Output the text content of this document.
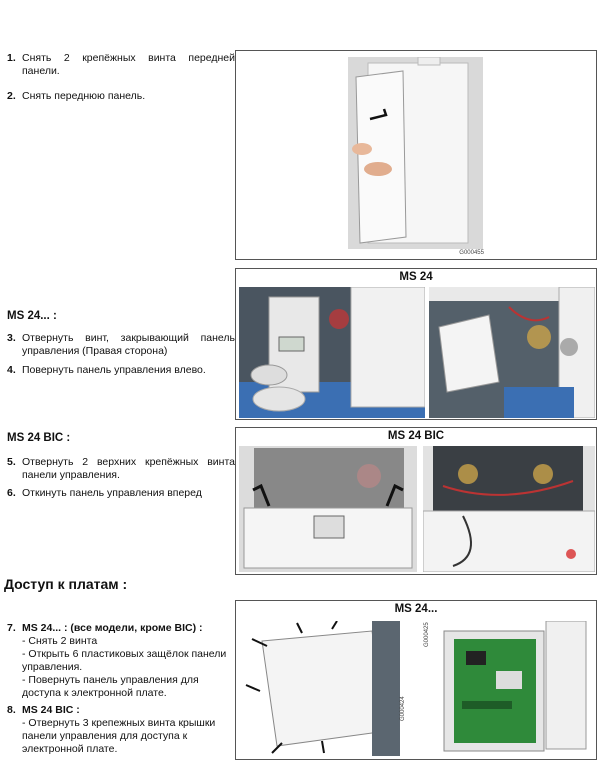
1. Снять 2 крепёжных винта передней панели.
2. Снять переднюю панель.
G000455
MS 24... :
3. Отвернуть винт, закрывающий панель управления (Правая сторона)
4. Повернуть панель управления влево.
MS 24
MS 24 BIC :
5. Отвернуть 2 верхних крепёжных винта панели управления.
6. Откинуть панель управления вперед
MS 24 BIC
Доступ к платам :
7. MS 24... : (все модели, кроме BIC) :
- Снять 2 винта
- Открыть 6 пластиковых защёлок панели управления.
- Повернуть панель управления для доступа к электронной плате.
8. MS 24 BIC :
- Отвернуть 3 крепежных винта крышки панели управления для доступа к электронной плате.
MS 24...
G000424
G000425
